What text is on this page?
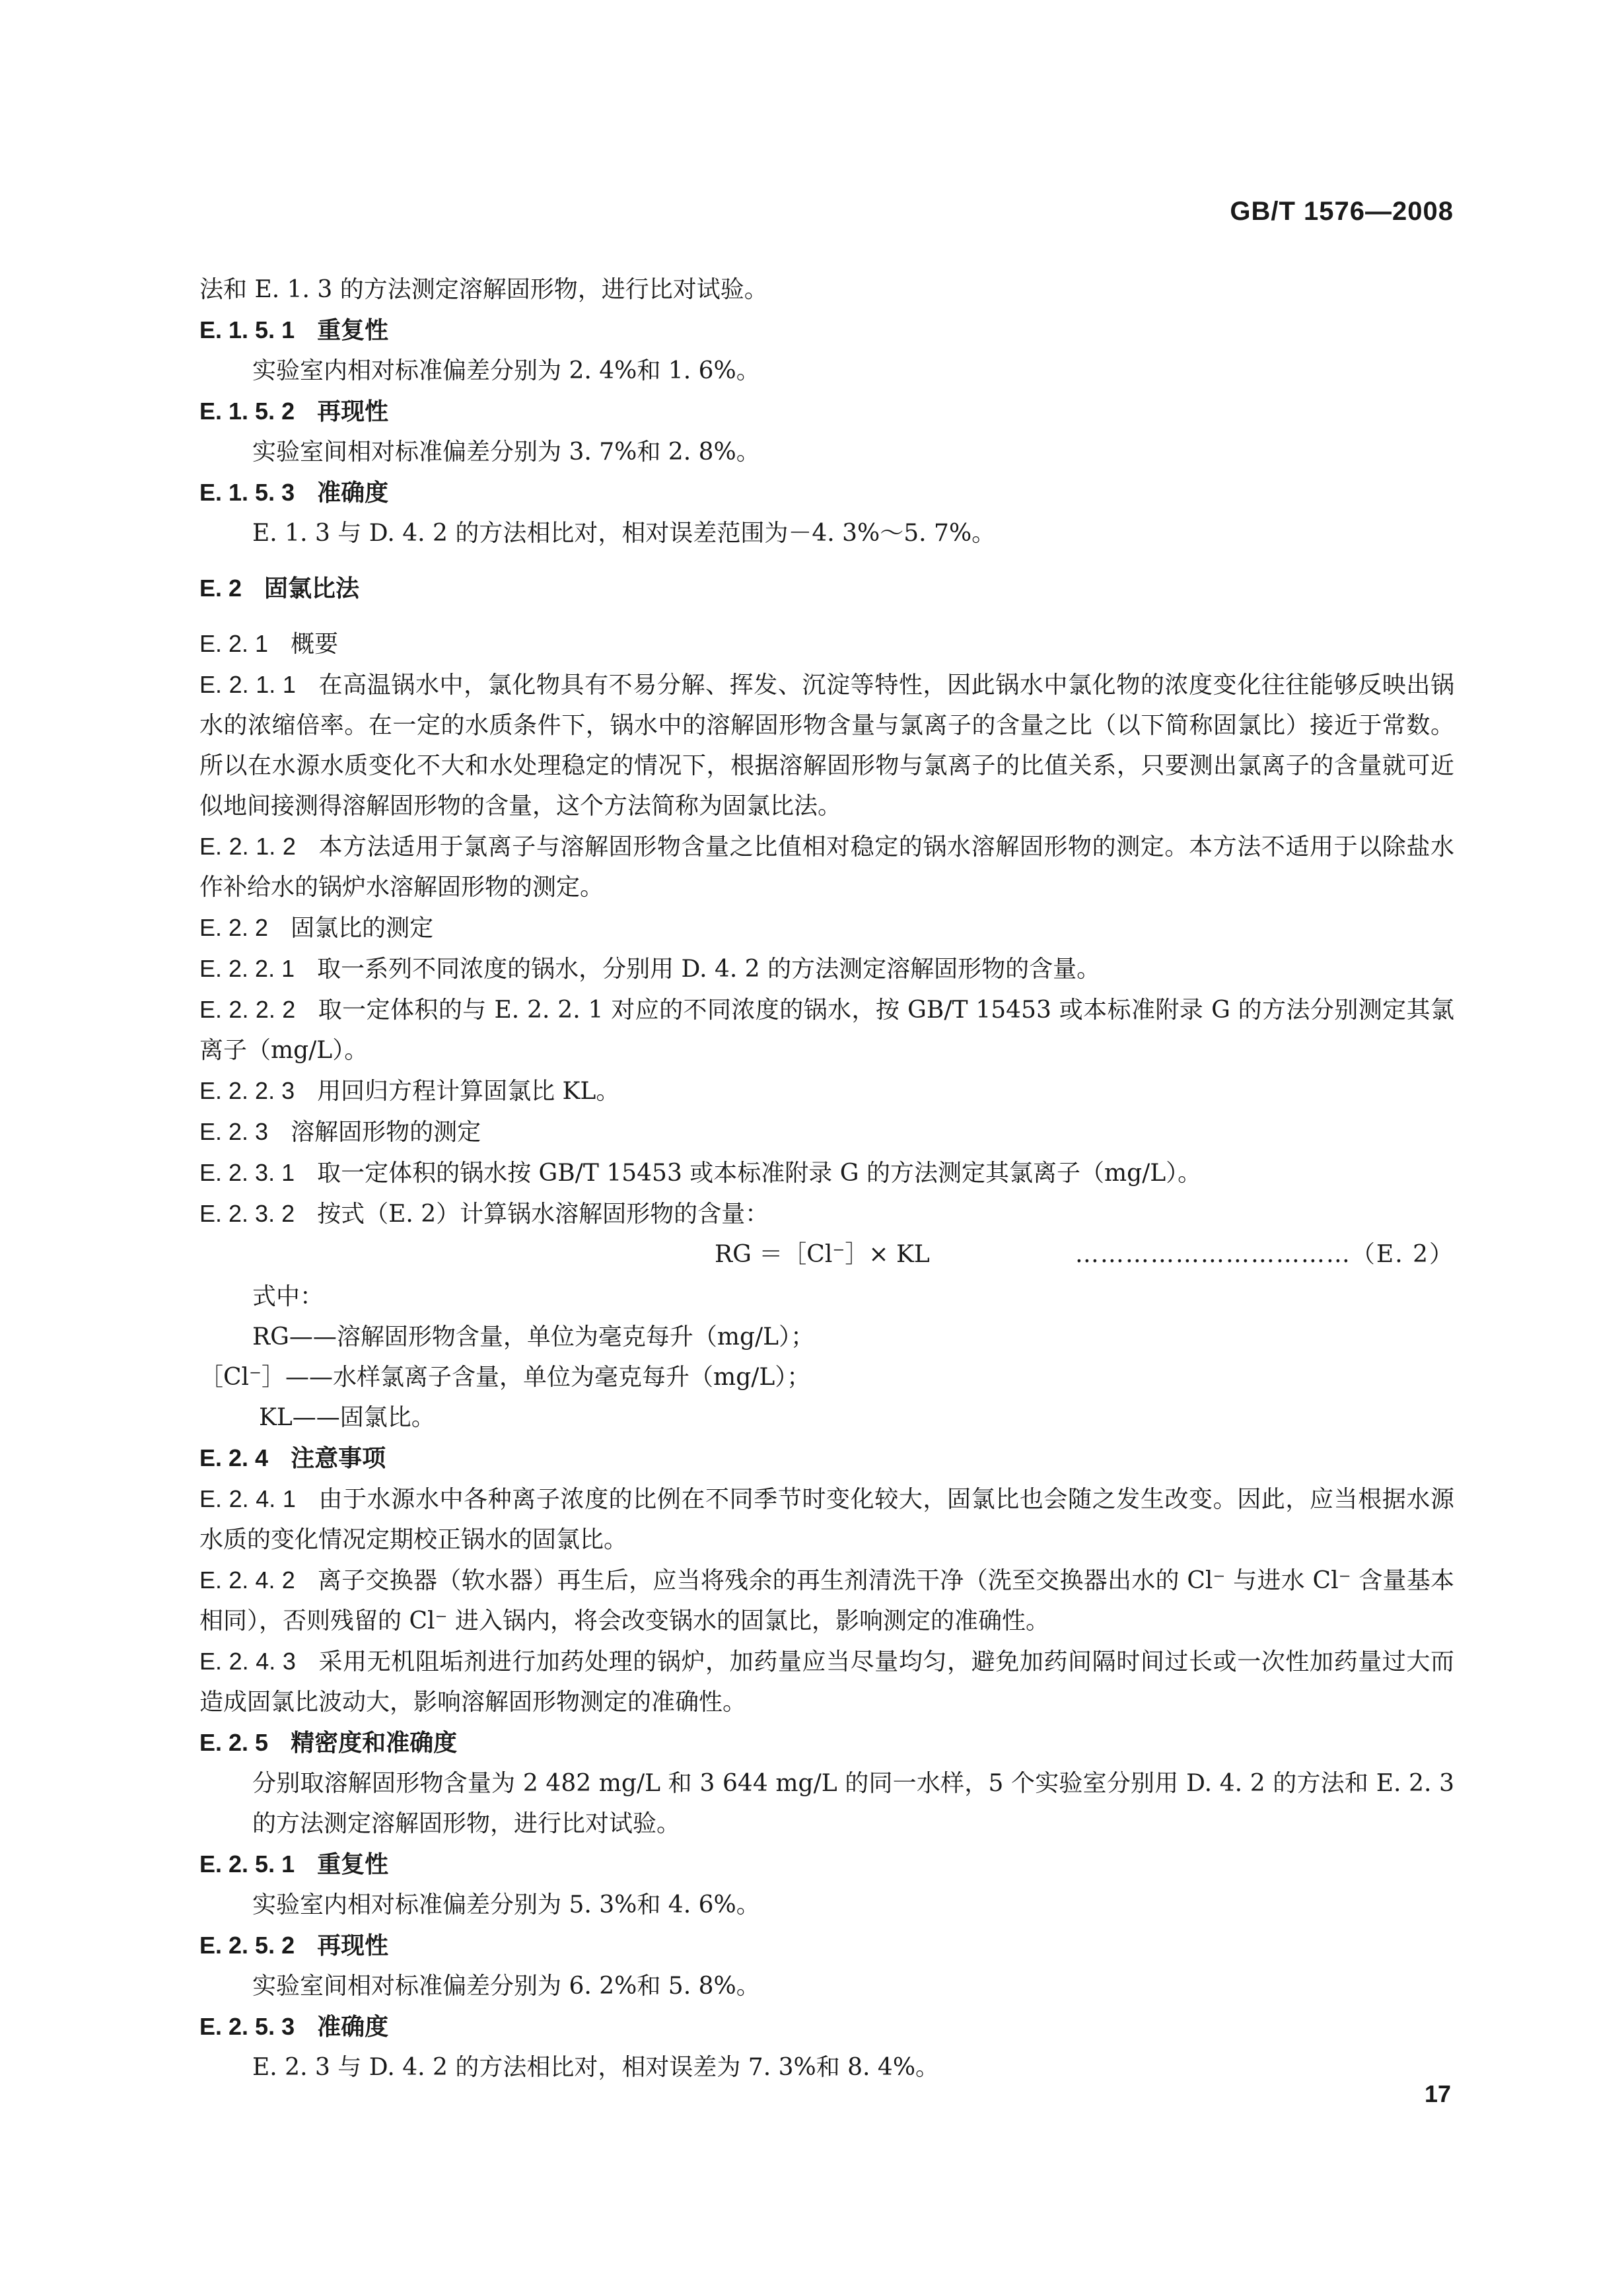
GB/T 1576—2008

法和 E. 1. 3 的方法测定溶解固形物，进行比对试验。

E. 1. 5. 1 重复性

实验室内相对标准偏差分别为 2. 4%和 1. 6%。

E. 1. 5. 2 再现性

实验室间相对标准偏差分别为 3. 7%和 2. 8%。

E. 1. 5. 3 准确度

E. 1. 3 与 D. 4. 2 的方法相比对，相对误差范围为－4. 3%～5. 7%。

E. 2 固氯比法

E. 2. 1 概要

E. 2. 1. 1 在高温锅水中，氯化物具有不易分解、挥发、沉淀等特性，因此锅水中氯化物的浓度变化往往能够反映出锅水的浓缩倍率。在一定的水质条件下，锅水中的溶解固形物含量与氯离子的含量之比（以下简称固氯比）接近于常数。所以在水源水质变化不大和水处理稳定的情况下，根据溶解固形物与氯离子的比值关系，只要测出氯离子的含量就可近似地间接测得溶解固形物的含量，这个方法简称为固氯比法。

E. 2. 1. 2 本方法适用于氯离子与溶解固形物含量之比值相对稳定的锅水溶解固形物的测定。本方法不适用于以除盐水作补给水的锅炉水溶解固形物的测定。

E. 2. 2 固氯比的测定

E. 2. 2. 1 取一系列不同浓度的锅水，分别用 D. 4. 2 的方法测定溶解固形物的含量。

E. 2. 2. 2 取一定体积的与 E. 2. 2. 1 对应的不同浓度的锅水，按 GB/T 15453 或本标准附录 G 的方法分别测定其氯离子（mg/L）。

E. 2. 2. 3 用回归方程计算固氯比 KL。

E. 2. 3 溶解固形物的测定

E. 2. 3. 1 取一定体积的锅水按 GB/T 15453 或本标准附录 G 的方法测定其氯离子（mg/L）。

E. 2. 3. 2 按式（E. 2）计算锅水溶解固形物的含量：

RG ＝［Cl⁻］× KL	……………………………（E. 2）

式中：

RG——溶解固形物含量，单位为毫克每升（mg/L）；

［Cl⁻］——水样氯离子含量，单位为毫克每升（mg/L）；

KL——固氯比。

E. 2. 4 注意事项

E. 2. 4. 1 由于水源水中各种离子浓度的比例在不同季节时变化较大，固氯比也会随之发生改变。因此，应当根据水源水质的变化情况定期校正锅水的固氯比。

E. 2. 4. 2 离子交换器（软水器）再生后，应当将残余的再生剂清洗干净（洗至交换器出水的 Cl⁻ 与进水 Cl⁻ 含量基本相同），否则残留的 Cl⁻ 进入锅内，将会改变锅水的固氯比，影响测定的准确性。

E. 2. 4. 3 采用无机阻垢剂进行加药处理的锅炉，加药量应当尽量均匀，避免加药间隔时间过长或一次性加药量过大而造成固氯比波动大，影响溶解固形物测定的准确性。

E. 2. 5 精密度和准确度

分别取溶解固形物含量为 2 482 mg/L 和 3 644 mg/L 的同一水样，5 个实验室分别用 D. 4. 2 的方法和 E. 2. 3 的方法测定溶解固形物，进行比对试验。

E. 2. 5. 1 重复性

实验室内相对标准偏差分别为 5. 3%和 4. 6%。

E. 2. 5. 2 再现性

实验室间相对标准偏差分别为 6. 2%和 5. 8%。

E. 2. 5. 3 准确度

E. 2. 3 与 D. 4. 2 的方法相比对，相对误差为 7. 3%和 8. 4%。

17
